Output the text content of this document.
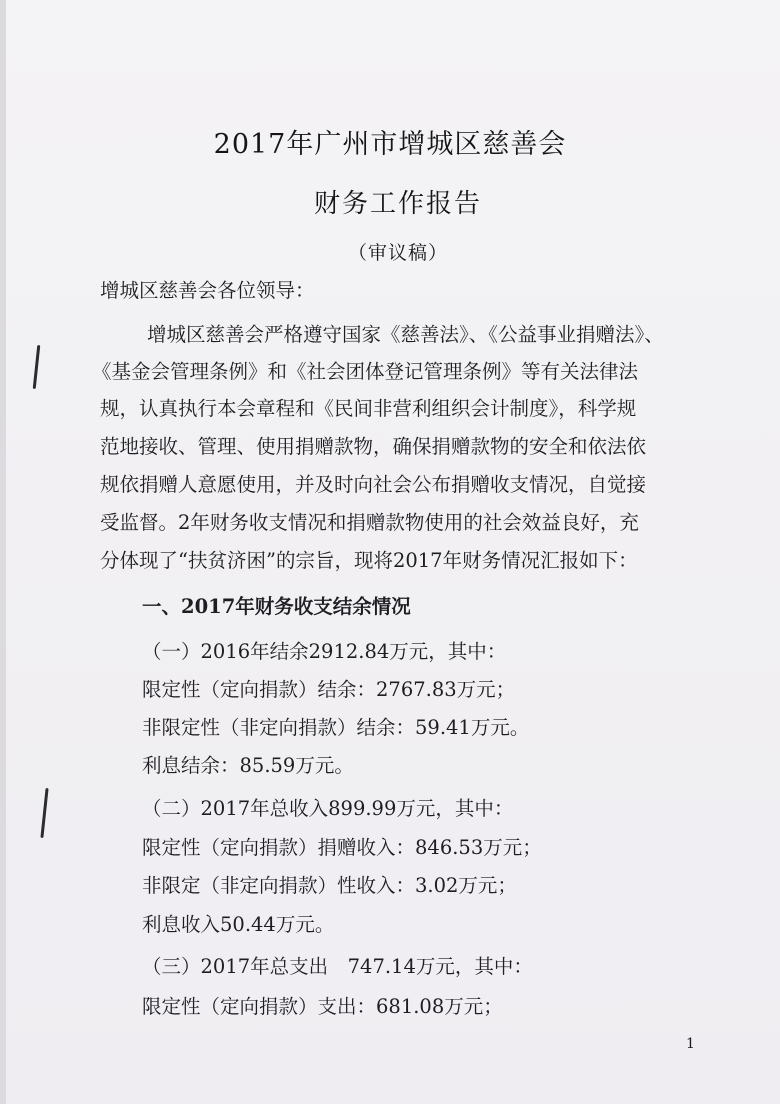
2017年广州市增城区慈善会
财务工作报告
（审议稿）
增城区慈善会各位领导：
增城区慈善会严格遵守国家《慈善法》、《公益事业捐赠法》、
《基金会管理条例》和《社会团体登记管理条例》等有关法律法
规，认真执行本会章程和《民间非营利组织会计制度》，科学规
范地接收、管理、使用捐赠款物，确保捐赠款物的安全和依法依
规依捐赠人意愿使用，并及时向社会公布捐赠收支情况，自觉接
受监督。2年财务收支情况和捐赠款物使用的社会效益良好，充
分体现了“扶贫济困”的宗旨，现将2017年财务情况汇报如下：
一、2017年财务收支结余情况
（一）2016年结余2912.84万元，其中：
限定性（定向捐款）结余：2767.83万元；
非限定性（非定向捐款）结余：59.41万元。
利息结余：85.59万元。
（二）2017年总收入899.99万元，其中：
限定性（定向捐款）捐赠收入：846.53万元；
非限定（非定向捐款）性收入：3.02万元；
利息收入50.44万元。
（三）2017年总支出　747.14万元，其中：
限定性（定向捐款）支出：681.08万元；
1
